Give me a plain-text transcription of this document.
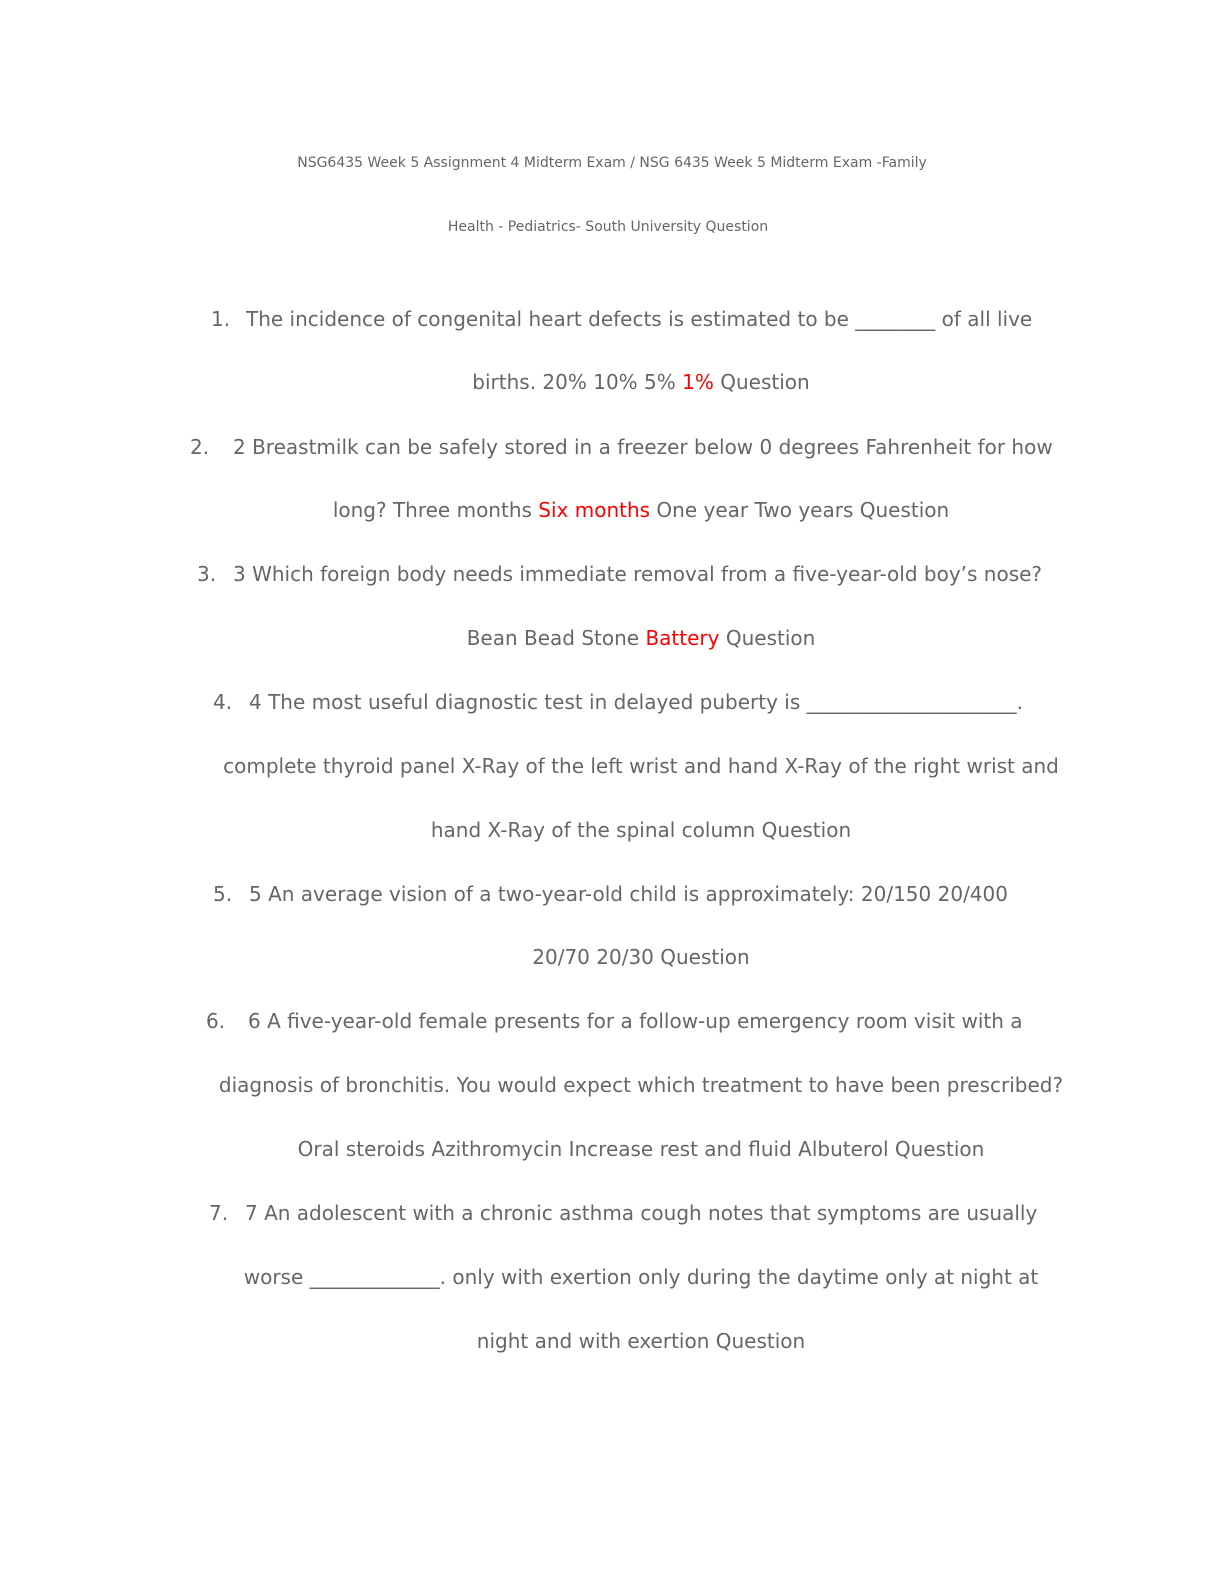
NSG6435 Week 5 Assignment 4 Midterm Exam / NSG 6435 Week 5 Midterm Exam -Family
Health - Pediatrics- South University Question
1. The incidence of congenital heart defects is estimated to be ________ of all live
births. 20% 10% 5% 1% Question
2. 2 Breastmilk can be safely stored in a freezer below 0 degrees Fahrenheit for how
long? Three months Six months One year Two years Question
3. 3 Which foreign body needs immediate removal from a five-year-old boy’s nose?
Bean Bead Stone Battery Question
4. 4 The most useful diagnostic test in delayed puberty is _____________________.
complete thyroid panel X-Ray of the left wrist and hand X-Ray of the right wrist and
hand X-Ray of the spinal column Question
5. 5 An average vision of a two-year-old child is approximately: 20/150 20/400
20/70 20/30 Question
6. 6 A five-year-old female presents for a follow-up emergency room visit with a
diagnosis of bronchitis. You would expect which treatment to have been prescribed?
Oral steroids Azithromycin Increase rest and fluid Albuterol Question
7. 7 An adolescent with a chronic asthma cough notes that symptoms are usually
worse _____________. only with exertion only during the daytime only at night at
night and with exertion Question
